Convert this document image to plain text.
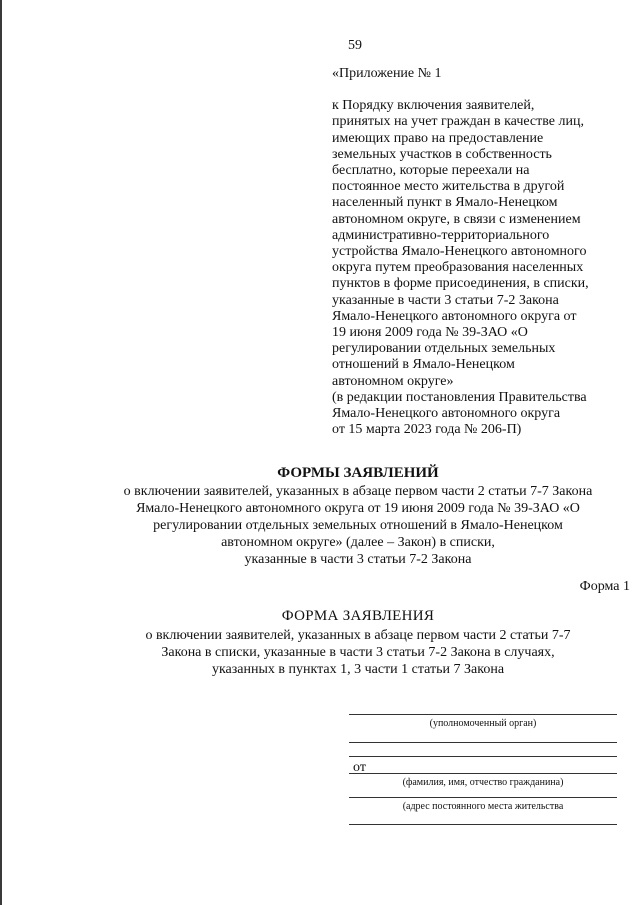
59
«Приложение № 1
к Порядку включения заявителей,
принятых на учет граждан в качестве лиц,
имеющих право на предоставление
земельных участков в собственность
бесплатно, которые переехали на
постоянное место жительства в другой
населенный пункт в Ямало-Ненецком
автономном округе, в связи с изменением
административно-территориального
устройства Ямало-Ненецкого автономного
округа путем преобразования населенных
пунктов в форме присоединения, в списки,
указанные в части 3 статьи 7-2 Закона
Ямало-Ненецкого автономного округа от
19 июня 2009 года № 39-ЗАО «О
регулировании отдельных земельных
отношений в Ямало-Ненецком
автономном округе»
(в редакции постановления Правительства
Ямало-Ненецкого автономного округа
от 15 марта 2023 года № 206-П)
ФОРМЫ ЗАЯВЛЕНИЙ
о включении заявителей, указанных в абзаце первом части 2 статьи 7-7 Закона
Ямало-Ненецкого автономного округа от 19 июня 2009 года № 39-ЗАО «О
регулировании отдельных земельных отношений в Ямало-Ненецком
автономном округе» (далее – Закон) в списки,
указанные в части 3 статьи 7-2 Закона
Форма 1
ФОРМА ЗАЯВЛЕНИЯ
о включении заявителей, указанных в абзаце первом части 2 статьи 7-7
Закона в списки, указанные в части 3 статьи 7-2 Закона в случаях,
указанных в пунктах 1, 3 части 1 статьи 7 Закона
(уполномоченный орган)
от
(фамилия, имя, отчество гражданина)
(адрес постоянного места жительства
